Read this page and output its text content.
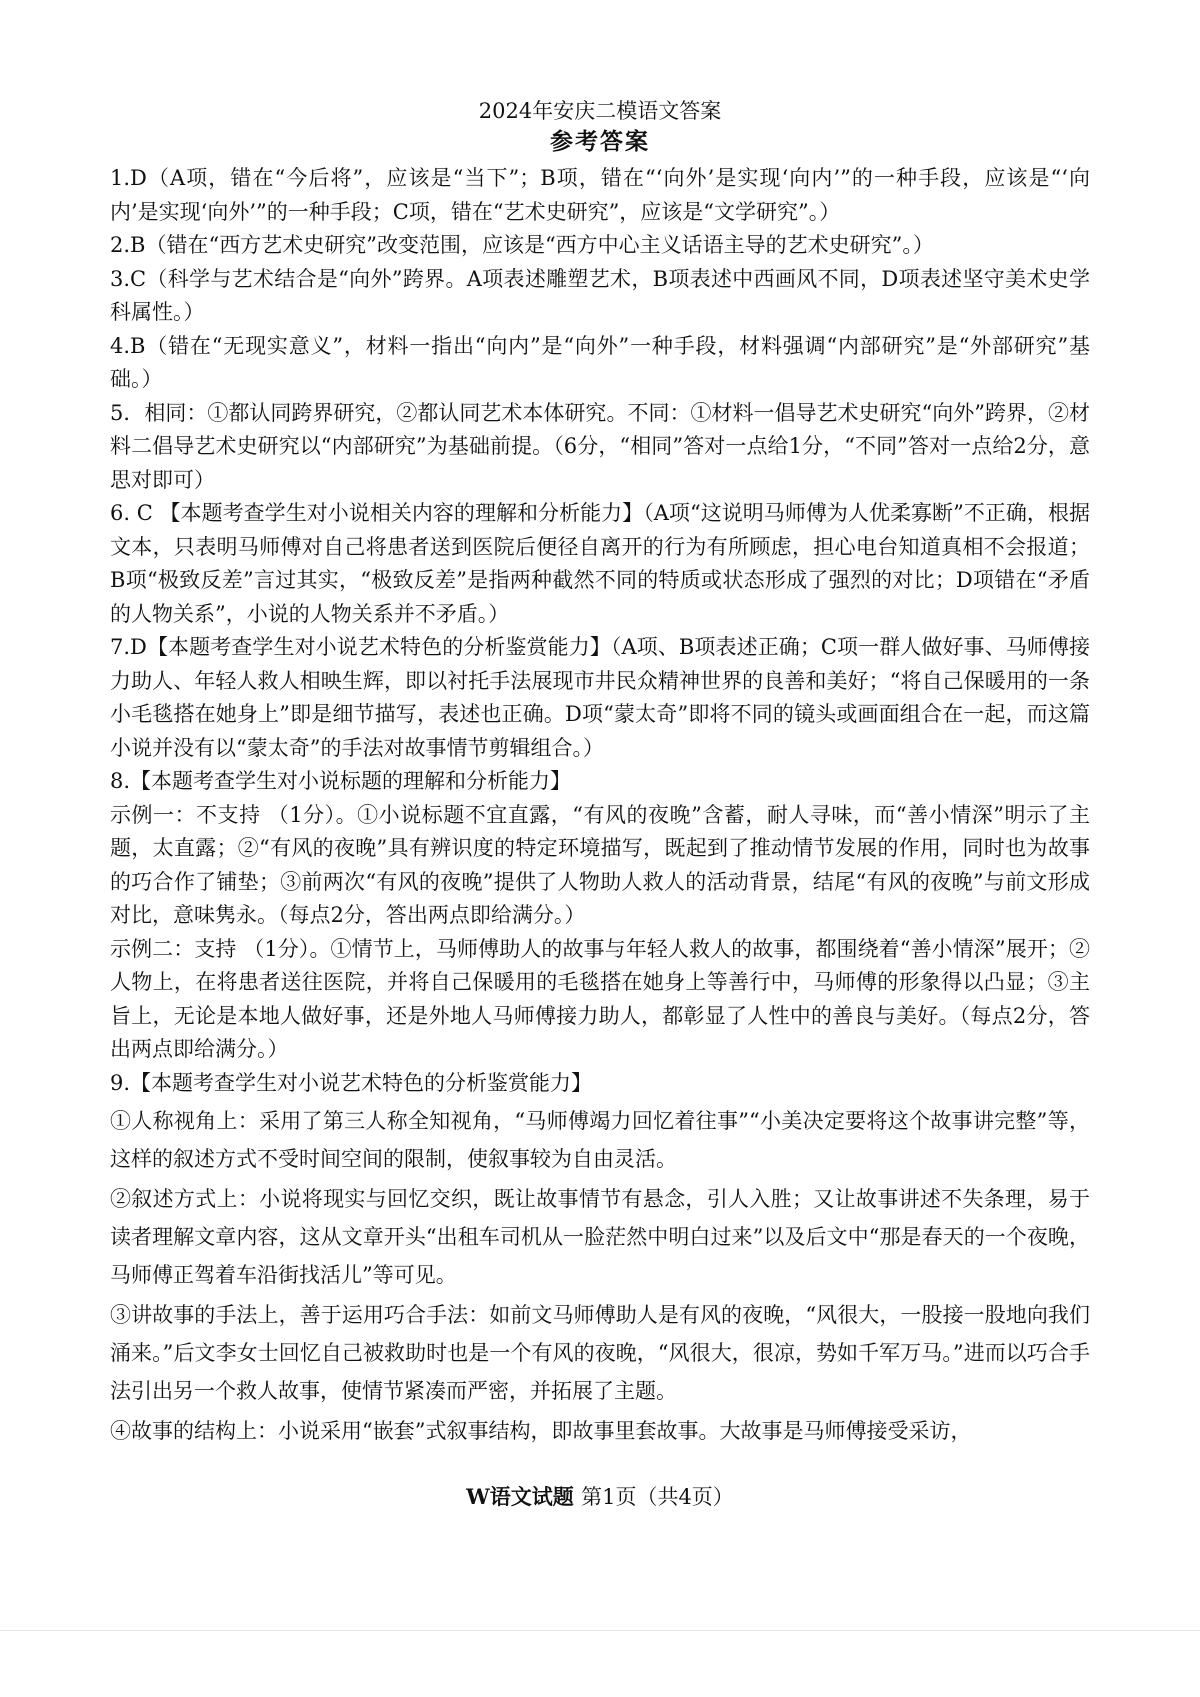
2024年安庆二模语文答案
参考答案

1.D（A项，错在“今后将”，应该是“当下”；B项，错在“‘向外’是实现‘向内’”的一种手段，应该是“‘向内’是实现‘向外’”的一种手段；C项，错在“艺术史研究”，应该是“文学研究”。）

2.B（错在“西方艺术史研究”改变范围，应该是“西方中心主义话语主导的艺术史研究”。）

3.C（科学与艺术结合是“向外”跨界。A项表述雕塑艺术，B项表述中西画风不同，D项表述坚守美术史学科属性。）

4.B（错在“无现实意义”，材料一指出“向内”是“向外”一种手段，材料强调“内部研究”是“外部研究”基础。）

5．相同：①都认同跨界研究，②都认同艺术本体研究。不同：①材料一倡导艺术史研究“向外”跨界，②材料二倡导艺术史研究以“内部研究”为基础前提。（6分，“相同”答对一点给1分，“不同”答对一点给2分，意思对即可）

6. C 【本题考查学生对小说相关内容的理解和分析能力】（A项“这说明马师傅为人优柔寡断”不正确，根据文本，只表明马师傅对自己将患者送到医院后便径自离开的行为有所顾虑，担心电台知道真相不会报道；B项“极致反差”言过其实，“极致反差”是指两种截然不同的特质或状态形成了强烈的对比；D项错在“矛盾的人物关系”，小说的人物关系并不矛盾。）

7.D【本题考查学生对小说艺术特色的分析鉴赏能力】（A项、B项表述正确；C项一群人做好事、马师傅接力助人、年轻人救人相映生辉，即以衬托手法展现市井民众精神世界的良善和美好；“将自己保暖用的一条小毛毯搭在她身上”即是细节描写，表述也正确。D项“蒙太奇”即将不同的镜头或画面组合在一起，而这篇小说并没有以“蒙太奇”的手法对故事情节剪辑组合。）

8.【本题考查学生对小说标题的理解和分析能力】

示例一：不支持 （1分）。①小说标题不宜直露，“有风的夜晚”含蓄，耐人寻味，而“善小情深”明示了主题，太直露；②“有风的夜晚”具有辨识度的特定环境描写，既起到了推动情节发展的作用，同时也为故事的巧合作了铺垫；③前两次“有风的夜晚”提供了人物助人救人的活动背景，结尾“有风的夜晚”与前文形成对比，意味隽永。（每点2分，答出两点即给满分。）

示例二：支持 （1分）。①情节上，马师傅助人的故事与年轻人救人的故事，都围绕着“善小情深”展开；②人物上，在将患者送往医院，并将自己保暖用的毛毯搭在她身上等善行中，马师傅的形象得以凸显；③主旨上，无论是本地人做好事，还是外地人马师傅接力助人，都彰显了人性中的善良与美好。（每点2分，答出两点即给满分。）

9.【本题考查学生对小说艺术特色的分析鉴赏能力】

①人称视角上：采用了第三人称全知视角，“马师傅竭力回忆着往事”“小美决定要将这个故事讲完整”等，这样的叙述方式不受时间空间的限制，使叙事较为自由灵活。

②叙述方式上：小说将现实与回忆交织，既让故事情节有悬念，引人入胜；又让故事讲述不失条理，易于读者理解文章内容，这从文章开头“出租车司机从一脸茫然中明白过来”以及后文中“那是春天的一个夜晚，马师傅正驾着车沿街找活儿”等可见。

③讲故事的手法上，善于运用巧合手法：如前文马师傅助人是有风的夜晚，“风很大，一股接一股地向我们涌来。”后文李女士回忆自己被救助时也是一个有风的夜晚，“风很大，很凉，势如千军万马。”进而以巧合手法引出另一个救人故事，使情节紧凑而严密，并拓展了主题。

④故事的结构上：小说采用“嵌套”式叙事结构，即故事里套故事。大故事是马师傅接受采访，

W语文试题 第1页（共4页）
